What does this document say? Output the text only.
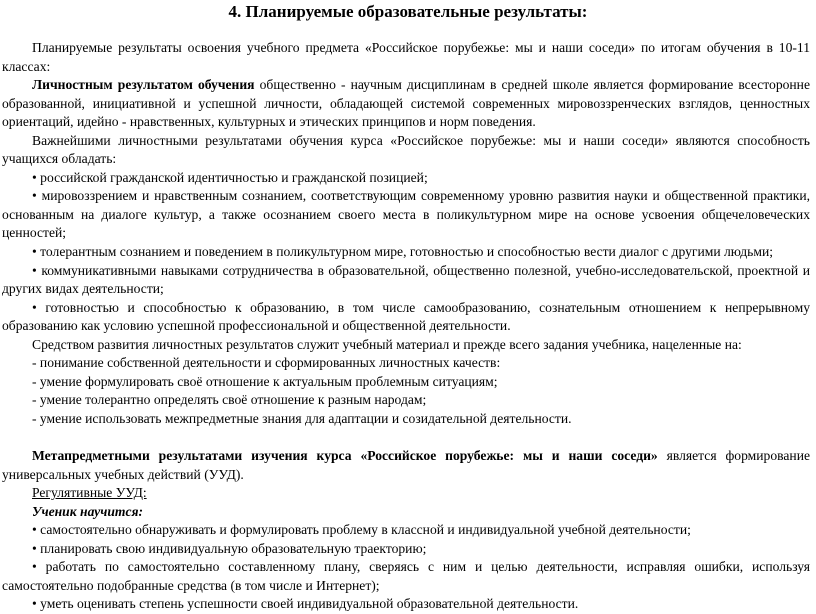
4. Планируемые образовательные результаты:

Планируемые результаты освоения учебного предмета «Российское порубежье: мы и наши соседи» по итогам обучения в 10-11 классах:

Личностным результатом обучения общественно - научным дисциплинам в средней школе является формирование всесторонне образованной, инициативной и успешной личности, обладающей системой современных мировоззренческих взглядов, ценностных ориентаций, идейно - нравственных, культурных и этических принципов и норм поведения.

Важнейшими личностными результатами обучения курса «Российское порубежье: мы и наши соседи» являются способность учащихся обладать:

• российской гражданской идентичностью и гражданской позицией;

• мировоззрением и нравственным сознанием, соответствующим современному уровню развития науки и общественной практики, основанным на диалоге культур, а также осознанием своего места в поликультурном мире на основе усвоения общечеловеческих ценностей;

• толерантным сознанием и поведением в поликультурном мире, готовностью и способностью вести диалог с другими людьми;

• коммуникативными навыками сотрудничества в образовательной, общественно полезной, учебно-исследовательской, проектной и других видах деятельности;

• готовностью и способностью к образованию, в том числе самообразованию, сознательным отношением к непрерывному образованию как условию успешной профессиональной и общественной деятельности.

Средством развития личностных результатов служит учебный материал и прежде всего задания учебника, нацеленные на:

- понимание собственной деятельности и сформированных личностных качеств:

- умение формулировать своё отношение к актуальным проблемным ситуациям;

- умение толерантно определять своё отношение к разным народам;

- умение использовать межпредметные знания для адаптации и созидательной деятельности.

Метапредметными результатами изучения курса «Российское порубежье: мы и наши соседи» является формирование универсальных учебных действий (УУД).

Регулятивные УУД:

Ученик научится:

• самостоятельно обнаруживать и формулировать проблему в классной и индивидуальной учебной деятельности;

• планировать свою индивидуальную образовательную траекторию;

• работать по самостоятельно составленному плану, сверяясь с ним и целью деятельности, исправляя ошибки, используя самостоятельно подобранные средства (в том числе и Интернет);

• уметь оценивать степень успешности своей индивидуальной образовательной деятельности.
